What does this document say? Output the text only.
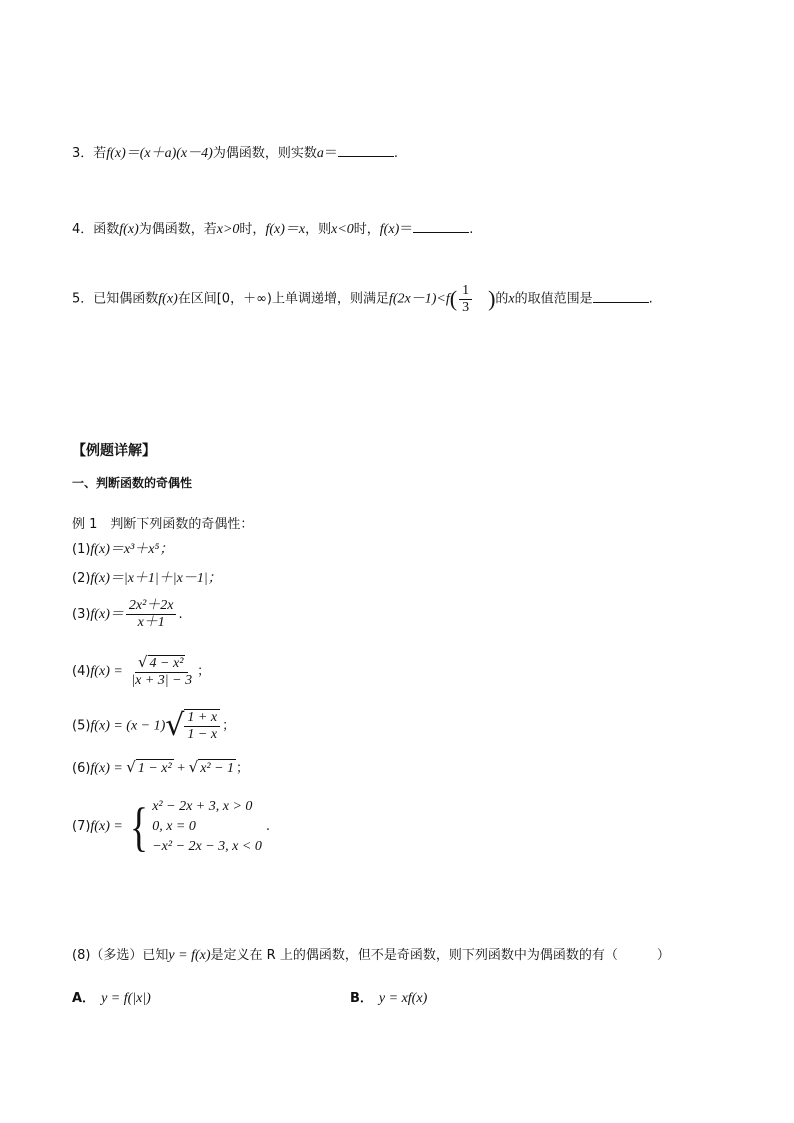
3．若f(x)＝(x＋a)(x－4)为偶函数，则实数a＝	.
4．函数f(x)为偶函数，若x>0时，f(x)＝x，则x<0时，f(x)＝	.
5．已知偶函数f(x)在区间[0，＋∞)上单调递增，则满足$f(2x-1)<f( \frac{1}{3}$ )的x的取值范围是	.
【例题详解】
一、判断函数的奇偶性
例 1　判断下列函数的奇偶性：
(1)f(x)＝x³＋x⁵；
(2)f(x)＝|x＋1|＋|x－1|；
$(3)f(x)= \frac{\text{2x²＋2x}}{x+1}$ .
$(4)f(x) = \frac{\text{√ 4 − x²}}{|x + 3| - 3}$ ；
$(5)f(x) = (x - 1)√ \frac{1 + x}{1 - x}$ ；
(6)f(x) = √ 1 − x² + √ x² − 1 ；
(7)f(x) = { x² − 2x + 3, x > 0
0, x = 0
−x² − 2x − 3, x < 0
.
(8)（多选）已知y = f(x)是定义在 R 上的偶函数，但不是奇函数，则下列函数中为偶函数的有（　　　）
A． y = f(|x|)	B． y = xf(x)
